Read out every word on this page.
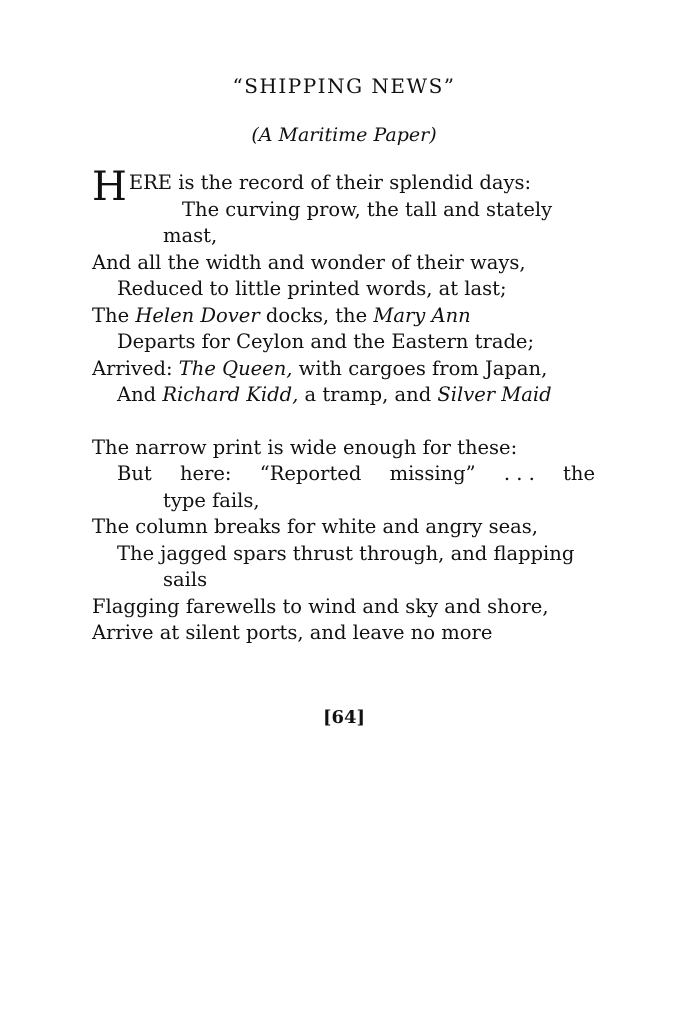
“SHIPPING NEWS”
(A Maritime Paper)
HERE is the record of their splendid days:
The curving prow, the tall and stately
mast,
And all the width and wonder of their ways,
Reduced to little printed words, at last;
The Helen Dover docks, the Mary Ann
Departs for Ceylon and the Eastern trade;
Arrived: The Queen, with cargoes from Japan,
And Richard Kidd, a tramp, and Silver Maid
The narrow print is wide enough for these:
But here: “Reported missing” . . . the
type fails,
The column breaks for white and angry seas,
The jagged spars thrust through, and flapping
sails
Flagging farewells to wind and sky and shore,
Arrive at silent ports, and leave no more
[64]
